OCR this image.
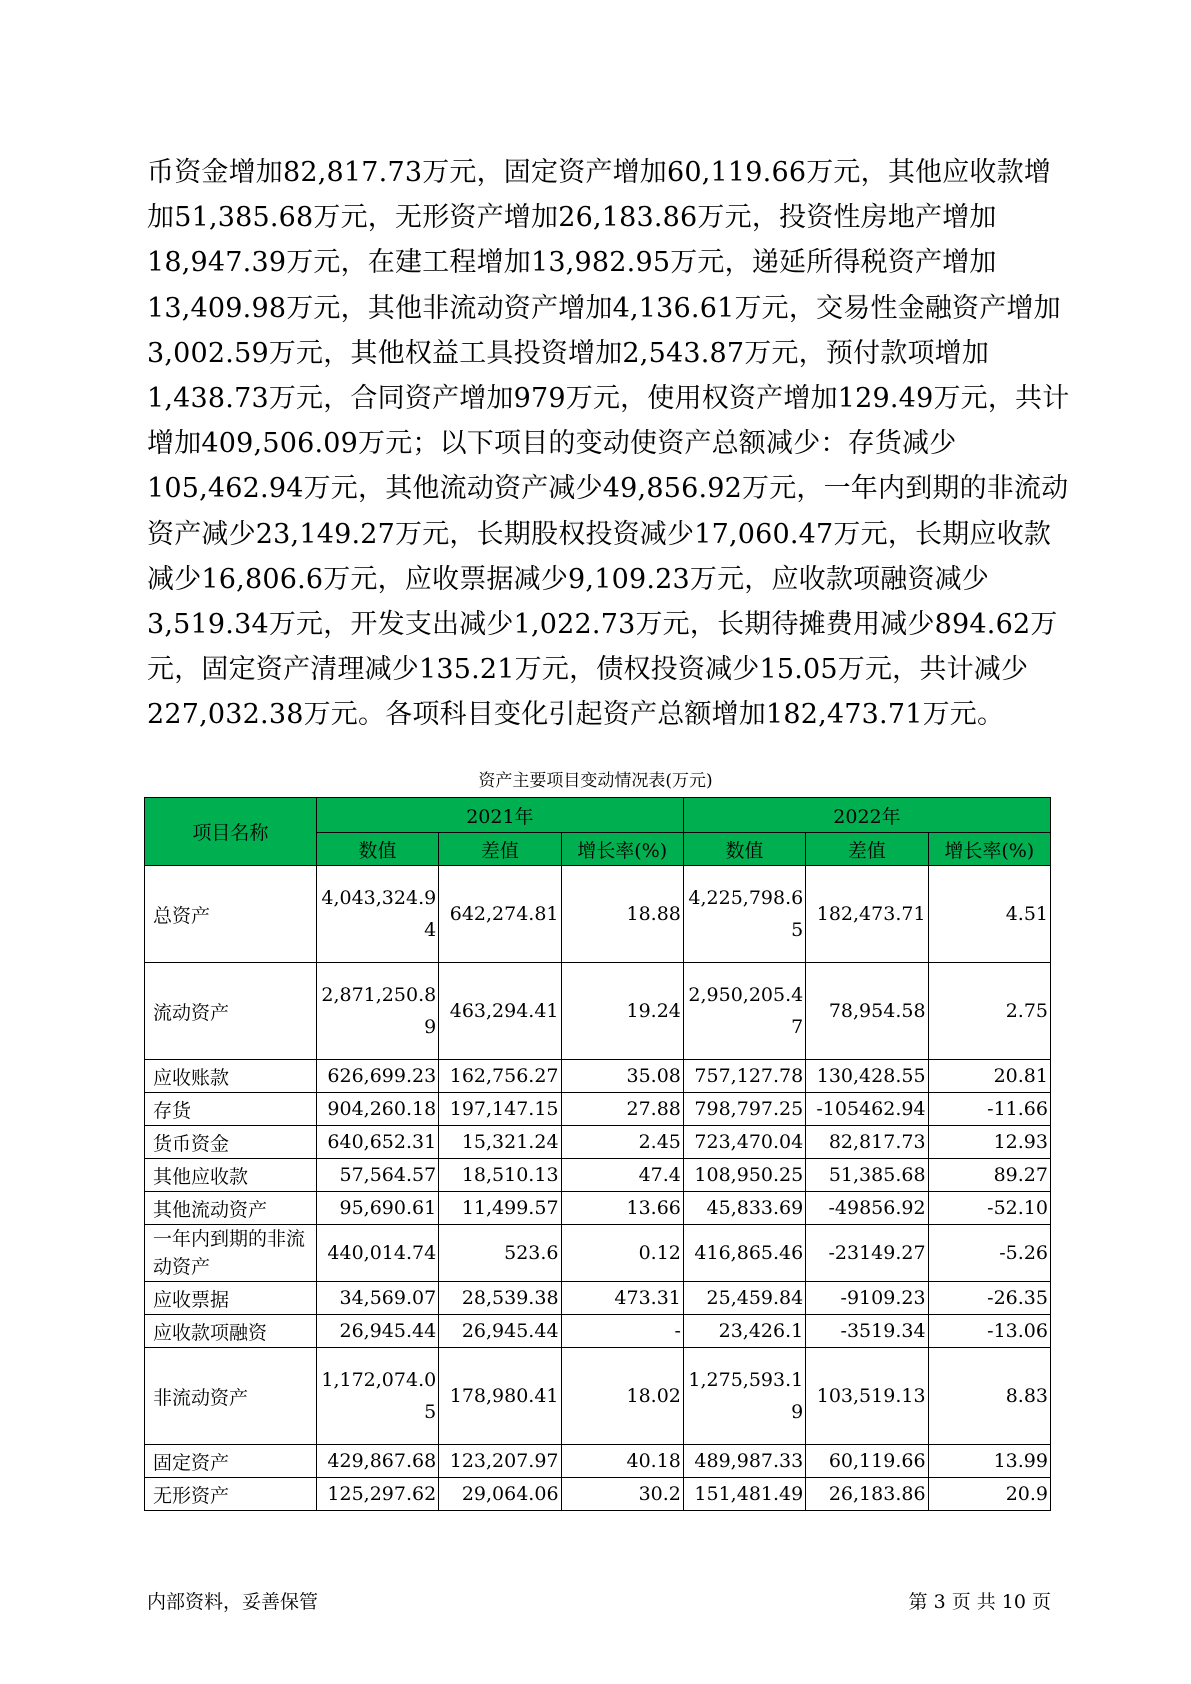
币资金增加82,817.73万元，固定资产增加60,119.66万元，其他应收款增
加51,385.68万元，无形资产增加26,183.86万元，投资性房地产增加
18,947.39万元，在建工程增加13,982.95万元，递延所得税资产增加
13,409.98万元，其他非流动资产增加4,136.61万元，交易性金融资产增加
3,002.59万元，其他权益工具投资增加2,543.87万元，预付款项增加
1,438.73万元，合同资产增加979万元，使用权资产增加129.49万元，共计
增加409,506.09万元；以下项目的变动使资产总额减少：存货减少
105,462.94万元，其他流动资产减少49,856.92万元，一年内到期的非流动
资产减少23,149.27万元，长期股权投资减少17,060.47万元，长期应收款
减少16,806.6万元，应收票据减少9,109.23万元，应收款项融资减少
3,519.34万元，开发支出减少1,022.73万元，长期待摊费用减少894.62万
元，固定资产清理减少135.21万元，债权投资减少15.05万元，共计减少
227,032.38万元。各项科目变化引起资产总额增加182,473.71万元。
资产主要项目变动情况表(万元)
项目名称	2021年			2022年		
	数值	差值	增长率(%)	数值	差值	增长率(%)
总资产	4,043,324.94	642,274.81	18.88	4,225,798.65	182,473.71	4.51
流动资产	2,871,250.89	463,294.41	19.24	2,950,205.47	78,954.58	2.75
应收账款	626,699.23	162,756.27	35.08	757,127.78	130,428.55	20.81
存货	904,260.18	197,147.15	27.88	798,797.25	-105462.94	-11.66
货币资金	640,652.31	15,321.24	2.45	723,470.04	82,817.73	12.93
其他应收款	57,564.57	18,510.13	47.4	108,950.25	51,385.68	89.27
其他流动资产	95,690.61	11,499.57	13.66	45,833.69	-49856.92	-52.10
一年内到期的非流动资产	440,014.74	523.6	0.12	416,865.46	-23149.27	-5.26
应收票据	34,569.07	28,539.38	473.31	25,459.84	-9109.23	-26.35
应收款项融资	26,945.44	26,945.44	-	23,426.1	-3519.34	-13.06
非流动资产	1,172,074.05	178,980.41	18.02	1,275,593.19	103,519.13	8.83
固定资产	429,867.68	123,207.97	40.18	489,987.33	60,119.66	13.99
无形资产	125,297.62	29,064.06	30.2	151,481.49	26,183.86	20.9
内部资料，妥善保管	第 3 页 共 10 页
